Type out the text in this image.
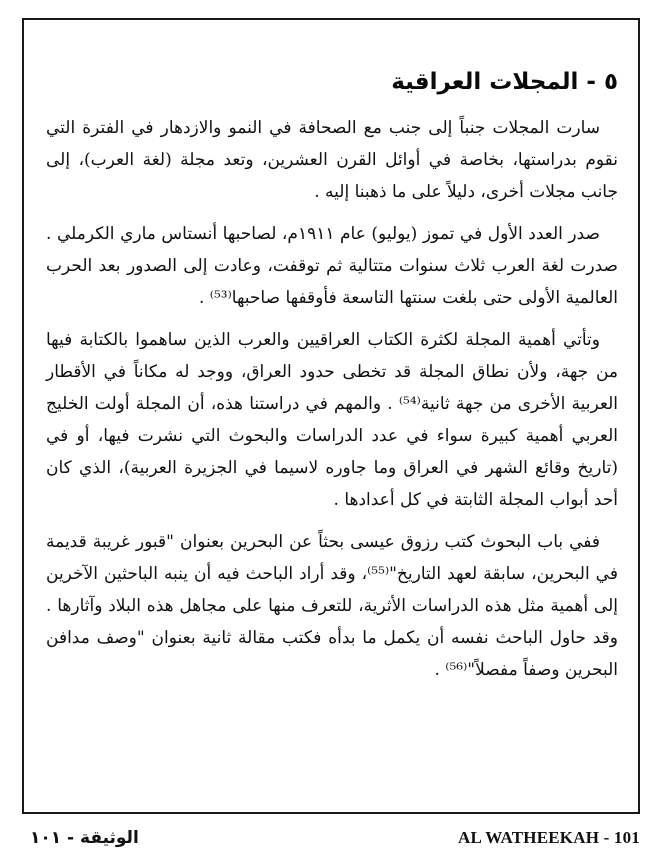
٥ - المجلات العراقية

سارت المجلات جنباً إلى جنب مع الصحافة في النمو والازدهار في الفترة التي نقوم بدراستها، بخاصة في أوائل القرن العشرين، وتعد مجلة (لغة العرب)، إلى جانب مجلات أخرى، دليلاً على ما ذهبنا إليه .

صدر العدد الأول في تموز (يوليو) عام ١٩١١م، لصاحبها أنستاس ماري الكرملي . صدرت لغة العرب ثلاث سنوات متتالية ثم توقفت، وعادت إلى الصدور بعد الحرب العالمية الأولى حتى بلغت سنتها التاسعة فأوقفها صاحبها⁽⁵³⁾ .

وتأتي أهمية المجلة لكثرة الكتاب العراقيين والعرب الذين ساهموا بالكتابة فيها من جهة، ولأن نطاق المجلة قد تخطى حدود العراق، ووجد له مكاناً في الأقطار العربية الأخرى من جهة ثانية⁽⁵⁴⁾ . والمهم في دراستنا هذه، أن المجلة أولت الخليج العربي أهمية كبيرة سواء في عدد الدراسات والبحوث التي نشرت فيها، أو في (تاريخ وقائع الشهر في العراق وما جاوره لاسيما في الجزيرة العربية)، الذي كان أحد أبواب المجلة الثابتة في كل أعدادها .

ففي باب البحوث كتب رزوق عيسى بحثاً عن البحرين بعنوان "قبور غريبة قديمة في البحرين، سابقة لعهد التاريخ"⁽⁵⁵⁾، وقد أراد الباحث فيه أن ينبه الباحثين الآخرين إلى أهمية مثل هذه الدراسات الأثرية، للتعرف منها على مجاهل هذه البلاد وآثارها . وقد حاول الباحث نفسه أن يكمل ما بدأه فكتب مقالة ثانية بعنوان "وصف مدافن البحرين وصفاً مفصلاً"⁽⁵⁶⁾ .

الوثيقة - ١٠١	AL WATHEEKAH - 101
